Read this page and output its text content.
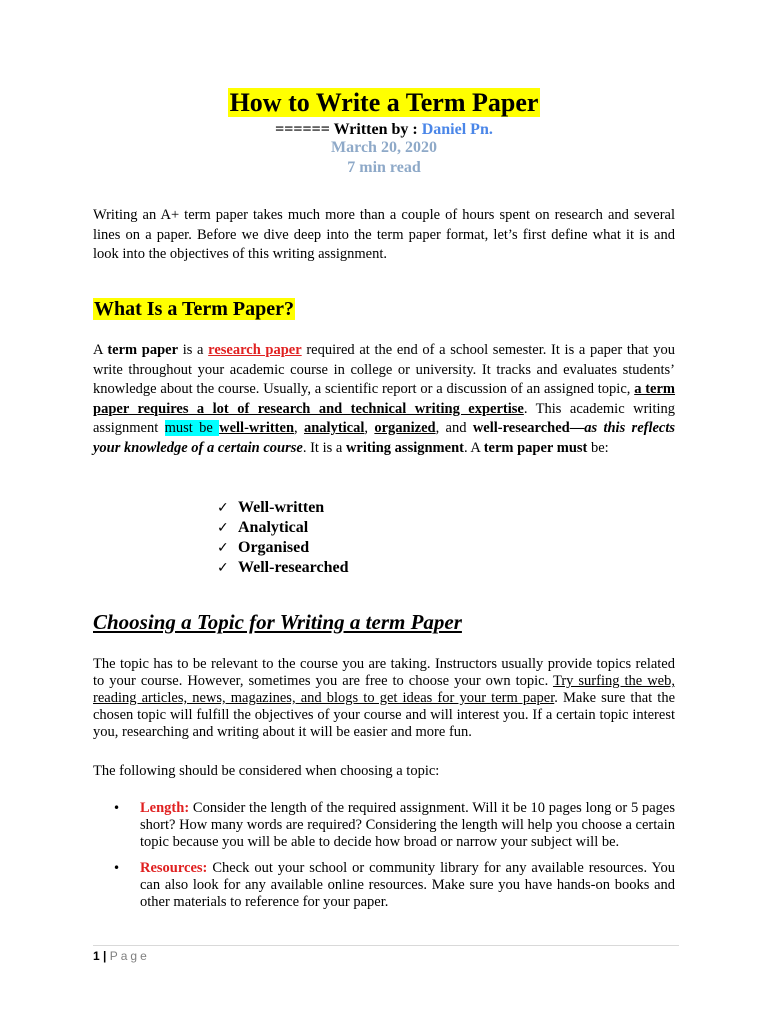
How to Write a Term Paper
====== Written by : Daniel Pn.
March 20, 2020
7 min read
Writing an A+ term paper takes much more than a couple of hours spent on research and several lines on a paper. Before we dive deep into the term paper format, let’s first define what it is and look into the objectives of this writing assignment.
What Is a Term Paper?
A term paper is a research paper required at the end of a school semester. It is a paper that you write throughout your academic course in college or university. It tracks and evaluates students’ knowledge about the course. Usually, a scientific report or a discussion of an assigned topic, a term paper requires a lot of research and technical writing expertise. This academic writing assignment must be well-written, analytical, organized, and well-researched—as this reflects your knowledge of a certain course. It is a writing assignment. A term paper must be:
✓ Well-written
✓ Analytical
✓ Organised
✓ Well-researched
Choosing a Topic for Writing a term Paper
The topic has to be relevant to the course you are taking. Instructors usually provide topics related to your course. However, sometimes you are free to choose your own topic. Try surfing the web, reading articles, news, magazines, and blogs to get ideas for your term paper. Make sure that the chosen topic will fulfill the objectives of your course and will interest you. If a certain topic interest you, researching and writing about it will be easier and more fun.
The following should be considered when choosing a topic:
• Length: Consider the length of the required assignment. Will it be 10 pages long or 5 pages short? How many words are required? Considering the length will help you choose a certain topic because you will be able to decide how broad or narrow your subject will be.
• Resources: Check out your school or community library for any available resources. You can also look for any available online resources. Make sure you have hands-on books and other materials to reference for your paper.
1 | Page
